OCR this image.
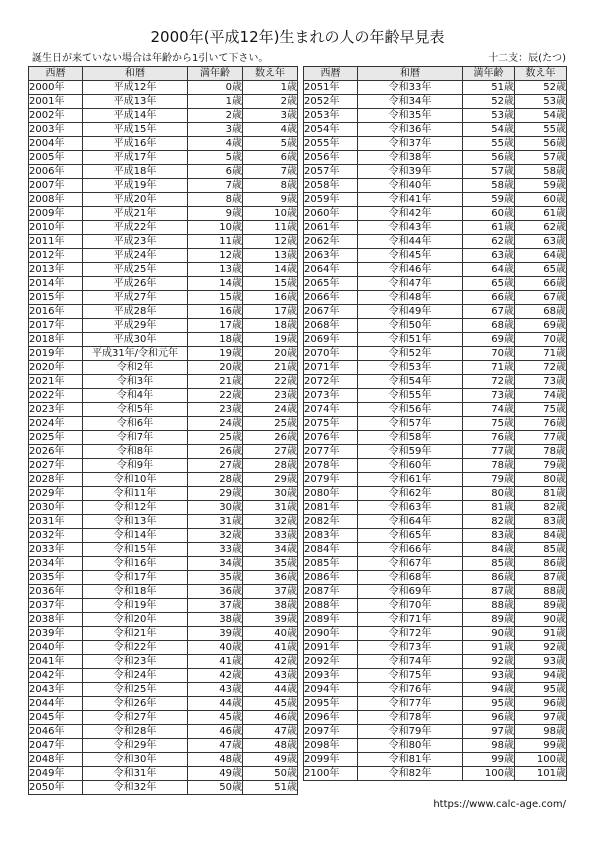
2000年(平成12年)生まれの人の年齢早見表
誕生日が来ていない場合は年齢から1引いて下さい。	十二支：辰(たつ)
西暦	和暦	満年齢	数え年
2000年	平成12年	0歳	1歳
2001年	平成13年	1歳	2歳
2002年	平成14年	2歳	3歳
2003年	平成15年	3歳	4歳
2004年	平成16年	4歳	5歳
2005年	平成17年	5歳	6歳
2006年	平成18年	6歳	7歳
2007年	平成19年	7歳	8歳
2008年	平成20年	8歳	9歳
2009年	平成21年	9歳	10歳
2010年	平成22年	10歳	11歳
2011年	平成23年	11歳	12歳
2012年	平成24年	12歳	13歳
2013年	平成25年	13歳	14歳
2014年	平成26年	14歳	15歳
2015年	平成27年	15歳	16歳
2016年	平成28年	16歳	17歳
2017年	平成29年	17歳	18歳
2018年	平成30年	18歳	19歳
2019年	平成31年/令和元年	19歳	20歳
2020年	令和2年	20歳	21歳
2021年	令和3年	21歳	22歳
2022年	令和4年	22歳	23歳
2023年	令和5年	23歳	24歳
2024年	令和6年	24歳	25歳
2025年	令和7年	25歳	26歳
2026年	令和8年	26歳	27歳
2027年	令和9年	27歳	28歳
2028年	令和10年	28歳	29歳
2029年	令和11年	29歳	30歳
2030年	令和12年	30歳	31歳
2031年	令和13年	31歳	32歳
2032年	令和14年	32歳	33歳
2033年	令和15年	33歳	34歳
2034年	令和16年	34歳	35歳
2035年	令和17年	35歳	36歳
2036年	令和18年	36歳	37歳
2037年	令和19年	37歳	38歳
2038年	令和20年	38歳	39歳
2039年	令和21年	39歳	40歳
2040年	令和22年	40歳	41歳
2041年	令和23年	41歳	42歳
2042年	令和24年	42歳	43歳
2043年	令和25年	43歳	44歳
2044年	令和26年	44歳	45歳
2045年	令和27年	45歳	46歳
2046年	令和28年	46歳	47歳
2047年	令和29年	47歳	48歳
2048年	令和30年	48歳	49歳
2049年	令和31年	49歳	50歳
2050年	令和32年	50歳	51歳
西暦	和暦	満年齢	数え年
2051年	令和33年	51歳	52歳
2052年	令和34年	52歳	53歳
2053年	令和35年	53歳	54歳
2054年	令和36年	54歳	55歳
2055年	令和37年	55歳	56歳
2056年	令和38年	56歳	57歳
2057年	令和39年	57歳	58歳
2058年	令和40年	58歳	59歳
2059年	令和41年	59歳	60歳
2060年	令和42年	60歳	61歳
2061年	令和43年	61歳	62歳
2062年	令和44年	62歳	63歳
2063年	令和45年	63歳	64歳
2064年	令和46年	64歳	65歳
2065年	令和47年	65歳	66歳
2066年	令和48年	66歳	67歳
2067年	令和49年	67歳	68歳
2068年	令和50年	68歳	69歳
2069年	令和51年	69歳	70歳
2070年	令和52年	70歳	71歳
2071年	令和53年	71歳	72歳
2072年	令和54年	72歳	73歳
2073年	令和55年	73歳	74歳
2074年	令和56年	74歳	75歳
2075年	令和57年	75歳	76歳
2076年	令和58年	76歳	77歳
2077年	令和59年	77歳	78歳
2078年	令和60年	78歳	79歳
2079年	令和61年	79歳	80歳
2080年	令和62年	80歳	81歳
2081年	令和63年	81歳	82歳
2082年	令和64年	82歳	83歳
2083年	令和65年	83歳	84歳
2084年	令和66年	84歳	85歳
2085年	令和67年	85歳	86歳
2086年	令和68年	86歳	87歳
2087年	令和69年	87歳	88歳
2088年	令和70年	88歳	89歳
2089年	令和71年	89歳	90歳
2090年	令和72年	90歳	91歳
2091年	令和73年	91歳	92歳
2092年	令和74年	92歳	93歳
2093年	令和75年	93歳	94歳
2094年	令和76年	94歳	95歳
2095年	令和77年	95歳	96歳
2096年	令和78年	96歳	97歳
2097年	令和79年	97歳	98歳
2098年	令和80年	98歳	99歳
2099年	令和81年	99歳	100歳
2100年	令和82年	100歳	101歳
https://www.calc-age.com/
